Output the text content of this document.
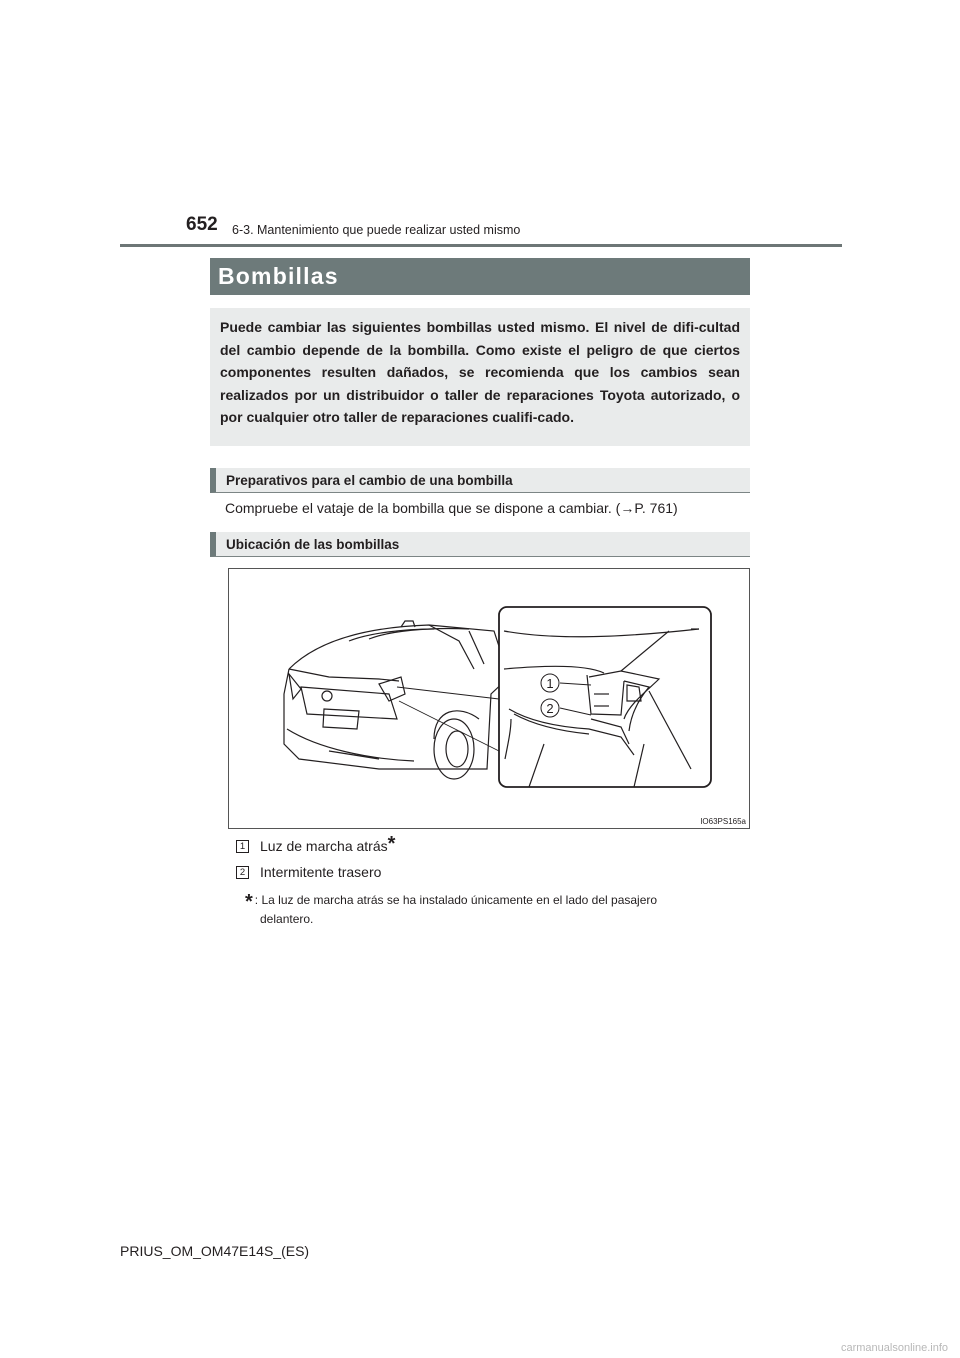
652 6-3. Mantenimiento que puede realizar usted mismo
Bombillas
Puede cambiar las siguientes bombillas usted mismo. El nivel de difi-cultad del cambio depende de la bombilla. Como existe el peligro de que ciertos componentes resulten dañados, se recomienda que los cambios sean realizados por un distribuidor o taller de reparaciones Toyota autorizado, o por cualquier otro taller de reparaciones cualifi-cado.
Preparativos para el cambio de una bombilla
Compruebe el vataje de la bombilla que se dispone a cambiar. (→P. 761)
Ubicación de las bombillas
1
2
IO63PS165a
1 Luz de marcha atrás*
2 Intermitente trasero
* : La luz de marcha atrás se ha instalado únicamente en el lado del pasajero
delantero.
PRIUS_OM_OM47E14S_(ES)
carmanualsonline.info
